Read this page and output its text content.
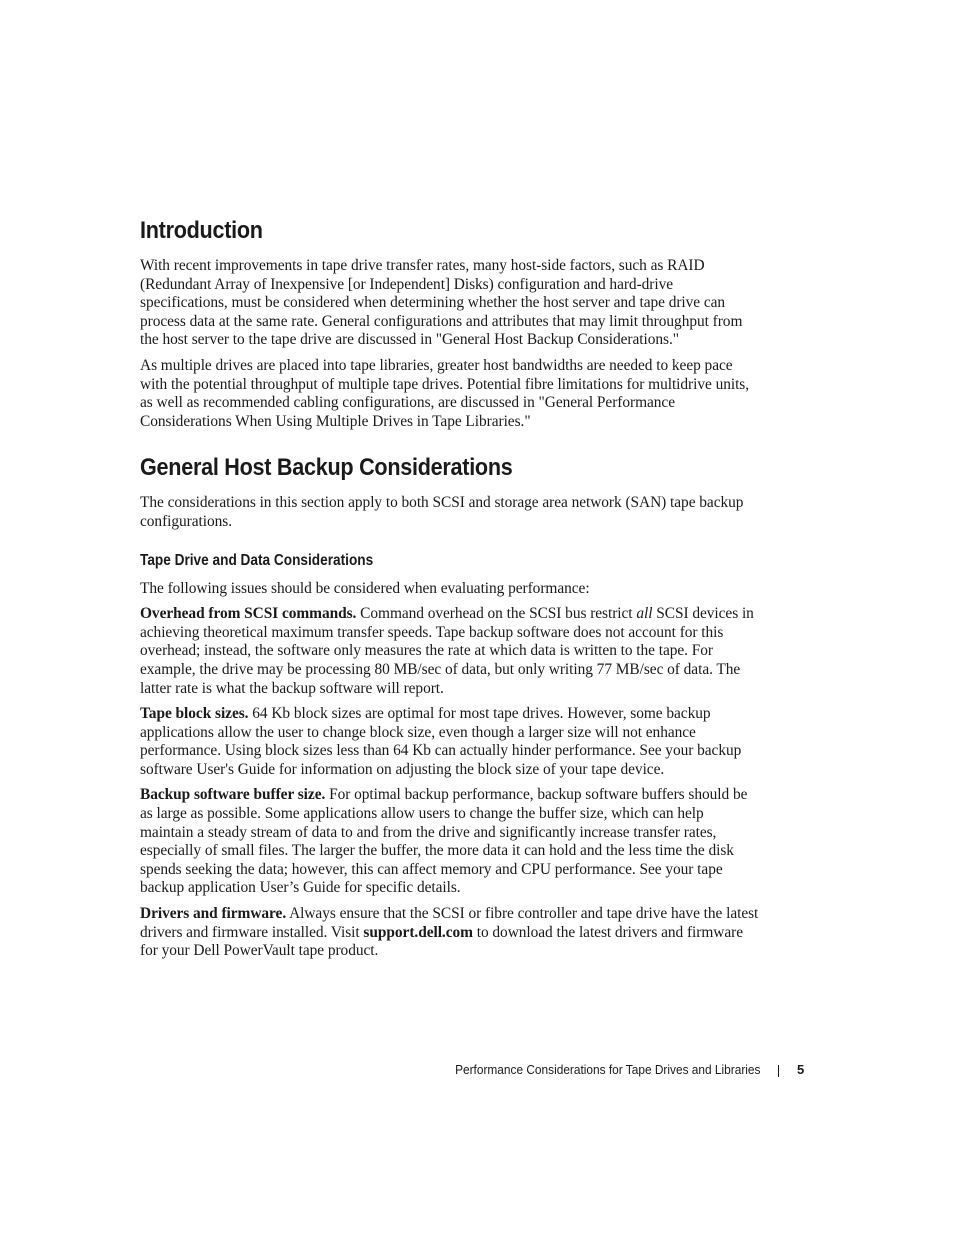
Introduction

With recent improvements in tape drive transfer rates, many host-side factors, such as RAID (Redundant Array of Inexpensive [or Independent] Disks) configuration and hard-drive specifications, must be considered when determining whether the host server and tape drive can process data at the same rate. General configurations and attributes that may limit throughput from the host server to the tape drive are discussed in "General Host Backup Considerations."

As multiple drives are placed into tape libraries, greater host bandwidths are needed to keep pace with the potential throughput of multiple tape drives. Potential fibre limitations for multidrive units, as well as recommended cabling configurations, are discussed in "General Performance Considerations When Using Multiple Drives in Tape Libraries."

General Host Backup Considerations

The considerations in this section apply to both SCSI and storage area network (SAN) tape backup configurations.

Tape Drive and Data Considerations

The following issues should be considered when evaluating performance:

Overhead from SCSI commands. Command overhead on the SCSI bus restrict all SCSI devices in achieving theoretical maximum transfer speeds. Tape backup software does not account for this overhead; instead, the software only measures the rate at which data is written to the tape. For example, the drive may be processing 80 MB/sec of data, but only writing 77 MB/sec of data. The latter rate is what the backup software will report.

Tape block sizes. 64 Kb block sizes are optimal for most tape drives. However, some backup applications allow the user to change block size, even though a larger size will not enhance performance. Using block sizes less than 64 Kb can actually hinder performance. See your backup software User's Guide for information on adjusting the block size of your tape device.

Backup software buffer size. For optimal backup performance, backup software buffers should be as large as possible. Some applications allow users to change the buffer size, which can help maintain a steady stream of data to and from the drive and significantly increase transfer rates, especially of small files. The larger the buffer, the more data it can hold and the less time the disk spends seeking the data; however, this can affect memory and CPU performance. See your tape backup application User’s Guide for specific details.

Drivers and firmware. Always ensure that the SCSI or fibre controller and tape drive have the latest drivers and firmware installed. Visit support.dell.com to download the latest drivers and firmware for your Dell PowerVault tape product.

Performance Considerations for Tape Drives and Libraries	5
